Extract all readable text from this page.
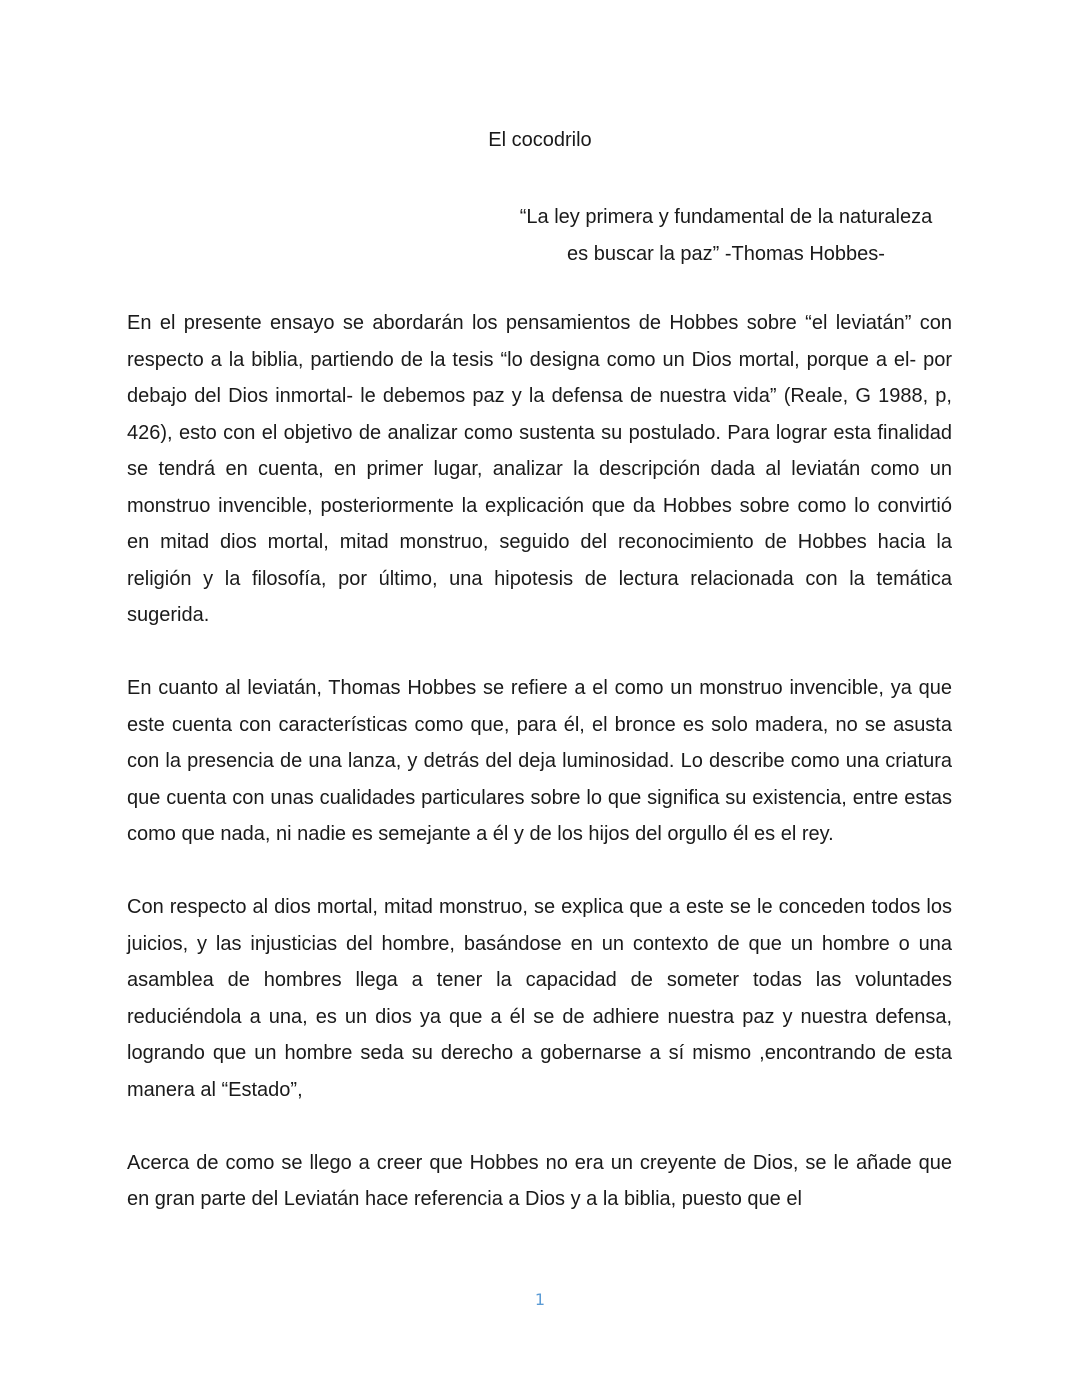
El cocodrilo
“La ley primera y fundamental de la naturaleza
es buscar la paz” -Thomas Hobbes-

En el presente ensayo se abordarán los pensamientos de Hobbes sobre “el leviatán” con respecto a la biblia, partiendo de la tesis “lo designa como un Dios mortal, porque a el- por debajo del Dios inmortal- le debemos paz y la defensa de nuestra vida” (Reale, G 1988, p, 426), esto con el objetivo de analizar como sustenta su postulado. Para lograr esta finalidad se tendrá en cuenta, en primer lugar, analizar la descripción dada al leviatán como un monstruo invencible, posteriormente la explicación que da Hobbes sobre como lo convirtió en mitad dios mortal, mitad monstruo, seguido del reconocimiento de Hobbes hacia la religión y la filosofía, por último, una hipotesis de lectura relacionada con la temática sugerida.

En cuanto al leviatán, Thomas Hobbes se refiere a el como un monstruo invencible, ya que este cuenta con características como que, para él, el bronce es solo madera, no se asusta con la presencia de una lanza, y detrás del deja luminosidad. Lo describe como una criatura que cuenta con unas cualidades particulares sobre lo que significa su existencia, entre estas como que nada, ni nadie es semejante a él y de los hijos del orgullo él es el rey.

Con respecto al dios mortal, mitad monstruo, se explica que a este se le conceden todos los juicios, y las injusticias del hombre, basándose en un contexto de que un hombre o una asamblea de hombres llega a tener la capacidad de someter todas las voluntades reduciéndola a una, es un dios ya que a él se de adhiere nuestra paz y nuestra defensa, logrando que un hombre seda su derecho a gobernarse a sí mismo ,encontrando de esta manera al “Estado”,

Acerca de como se llego a creer que Hobbes no era un creyente de Dios, se le añade que en gran parte del Leviatán hace referencia a Dios y a la biblia, puesto que el

1
